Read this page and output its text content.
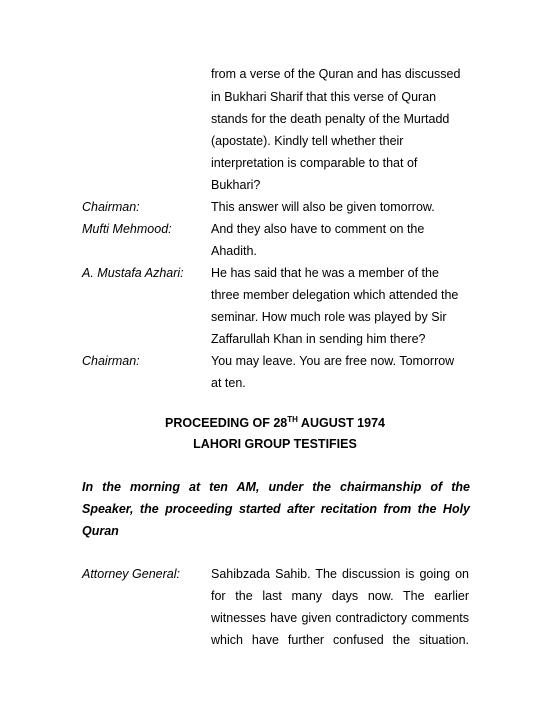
from a verse of the Quran and has discussed
in Bukhari Sharif that this verse of Quran
stands for the death penalty of the Murtadd
(apostate). Kindly tell whether their
interpretation is comparable to that of
Bukhari?
Chairman:	This answer will also be given tomorrow.
Mufti Mehmood:	And they also have to comment on the
Ahadith.
A. Mustafa Azhari: He has said that he was a member of the
three member delegation which attended the
seminar. How much role was played by Sir
Zaffarullah Khan in sending him there?
Chairman:	You may leave. You are free now. Tomorrow
at ten.
PROCEEDING OF 28TH AUGUST 1974
LAHORI GROUP TESTIFIES
In the morning at ten AM, under the chairmanship of the
Speaker, the proceeding started after recitation from the Holy
Quran
Attorney General: Sahibzada Sahib. The discussion is going on
for the last many days now. The earlier
witnesses have given contradictory comments
which have further confused the situation.
